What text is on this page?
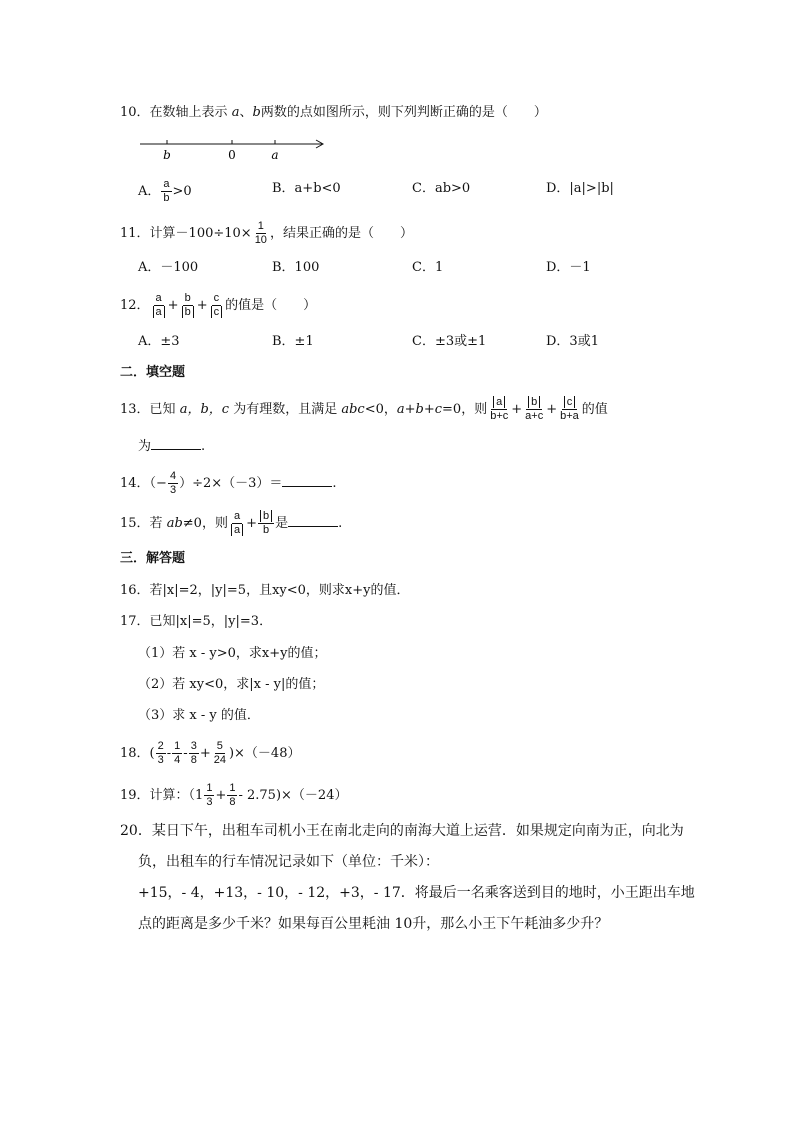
10．在数轴上表示 a、b两数的点如图所示，则下列判断正确的是（　　）
b	0	a
A． $\frac{a}{b} >0$	B．a+b<0	C．ab>0	D．|a|>|b|
11．计算$-100\div 10\times \frac{1}{10}$ ，结果正确的是（　　）
A．－100	B．100	C．1	D．－1
12． $\frac{a}{a} + \frac{b}{b} + \frac{c}{c}$ 的值是（　　）
A．±3	B．±1	C．±3或±1	D．3或1
二．填空题
13．已知 a，b，c 为有理数，且满足 abc<0，a+b+c=0，则 $\frac{a}{b+c} + \frac{b}{a+c} + \frac{c}{b+a}$ 的值
为	.
14．（− $\frac{4}{3} )\div 2\times(-3)=$	.
15．若 ab≠0，则 $\frac{a}{a} + \frac{b}{b}$ 是	.
三．解答题
16．若|x|=2，|y|=5，且xy<0，则求x+y的值．
17．已知|x|=5，|y|=3．
（1）若 x - y>0，求x+y的值；
（2）若 xy<0，求|x - y|的值；
（3）求 x - y 的值．
18．( $\frac{2}{3} - \frac{1}{4} - \frac{3}{8} + \frac{5}{24} )\times(-48)$
19．计算：$(1 \frac{1}{3} + \frac{1}{8} - 2.75)\times(-24)$
20．某日下午，出租车司机小王在南北走向的南海大道上运营．如果规定向南为正，向北为
负，出租车的行车情况记录如下（单位：千米）：
+15，- 4，+13，- 10，- 12，+3，- 17．将最后一名乘客送到目的地时，小王距出车地
点的距离是多少千米？如果每百公里耗油 10升，那么小王下午耗油多少升？
